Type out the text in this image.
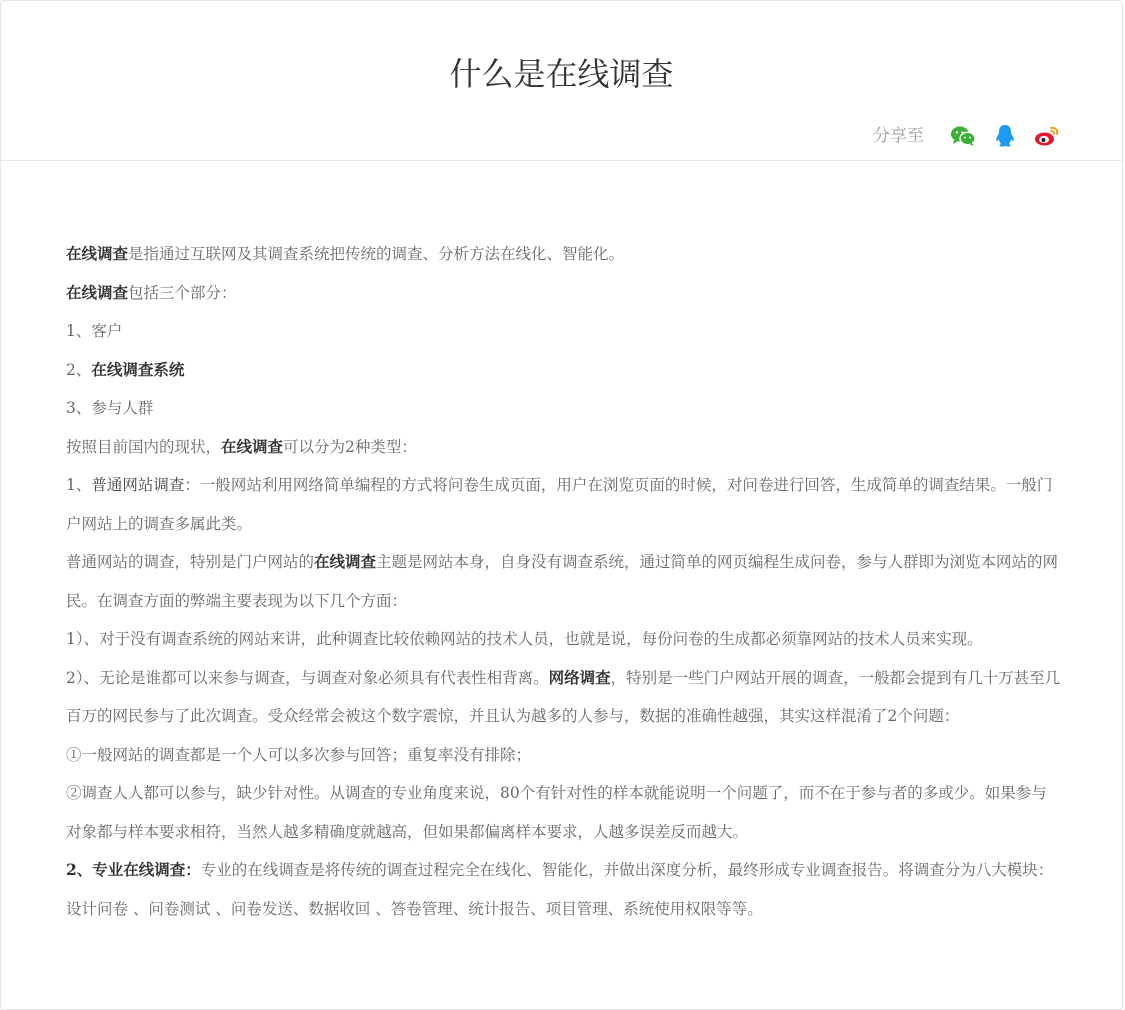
什么是在线调查
分享至

在线调查是指通过互联网及其调查系统把传统的调查、分析方法在线化、智能化。

在线调查包括三个部分：

1、客户

2、在线调查系统

3、参与人群

按照目前国内的现状，在线调查可以分为2种类型：

1、普通网站调查：一般网站利用网络简单编程的方式将问卷生成页面，用户在浏览页面的时候，对问卷进行回答，生成简单的调查结果。一般门户网站上的调查多属此类。

普通网站的调查，特别是门户网站的在线调查主题是网站本身，自身没有调查系统，通过简单的网页编程生成问卷，参与人群即为浏览本网站的网民。在调查方面的弊端主要表现为以下几个方面：

1）、对于没有调查系统的网站来讲，此种调查比较依赖网站的技术人员，也就是说，每份问卷的生成都必须靠网站的技术人员来实现。

2）、无论是谁都可以来参与调查，与调查对象必须具有代表性相背离。网络调查，特别是一些门户网站开展的调查，一般都会提到有几十万甚至几百万的网民参与了此次调查。受众经常会被这个数字震惊，并且认为越多的人参与，数据的准确性越强，其实这样混淆了2个问题：

①一般网站的调查都是一个人可以多次参与回答；重复率没有排除；

②调查人人都可以参与，缺少针对性。从调查的专业角度来说，80个有针对性的样本就能说明一个问题了，而不在于参与者的多或少。如果参与对象都与样本要求相符，当然人越多精确度就越高，但如果都偏离样本要求，人越多误差反而越大。

2、专业在线调查：专业的在线调查是将传统的调查过程完全在线化、智能化，并做出深度分析，最终形成专业调查报告。将调查分为八大模块：设计问卷 、问卷测试 、问卷发送、数据收回 、答卷管理、统计报告、项目管理、系统使用权限等等。
